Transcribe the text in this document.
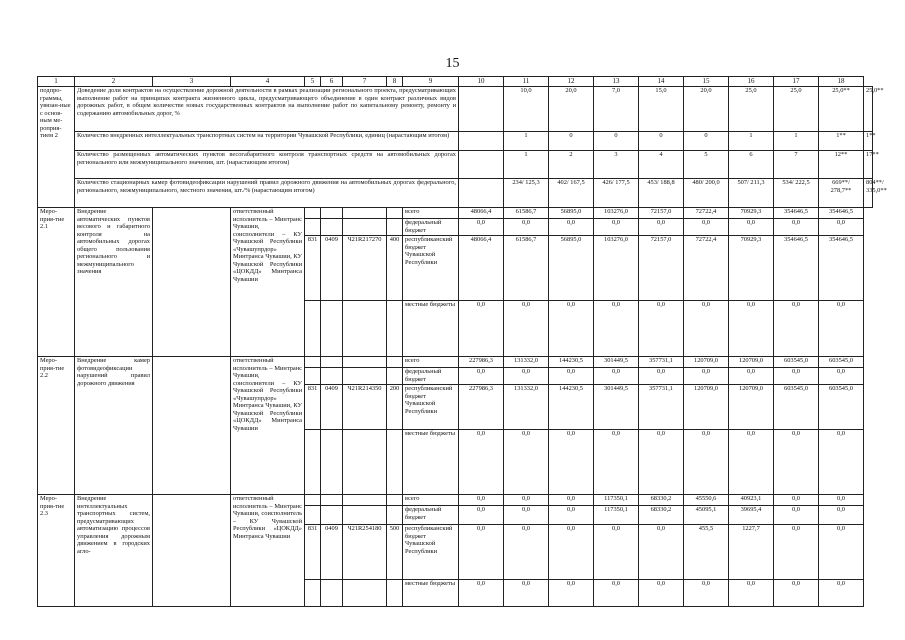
15
1	2	3	4	5	6	7	8	9	10	11	12	13	14	15	16	17	18	
подпро-граммы, увязан-ные с основ-ным ме-роприя-тием 2	Доведение доли контрактов на осуществление дорожной деятельности в рамках реализации регионального проекта, предусматривающих выполнение работ на принципах контракта жизненного цикла, предусматривающего объединение в один контракт различных видов дорожных работ, в общем количестве новых государственных контрактов на выполнение работ по капитальному ремонту, ремонту и содержанию автомобильных дорог, %									10,0	20,0	7,0	15,0	20,0	25,0	25,0	25,0**	25,0**
	Количество внедренных интеллектуальных транспортных систем на территории Чувашской Республики, единиц (нарастающим итогом)									1	0	0	0	0	1	1	1**	1**
	Количество размещенных автоматических пунктов весогабаритного контроля транспортных средств на автомобильных дорогах регионального или межмуниципального значения, шт. (нарастающим итогом)									1	2	3	4	5	6	7	12**	17**
	Количество стационарных камер фотовидеофиксации нарушений правил дорожного движения на автомобильных дорогах федерального, регионального, межмуниципального, местного значения, шт./% (нарастающим итогом)									234/ 125,3	402/ 167,5	426/ 177,5	453/ 188,8	480/ 200,0	507/ 211,3	534/ 222,5	669**/ 278,7**	804**/ 335,0**
Меро-прия-тие 2.1	Внедрение автоматических пунктов весового и габаритного контроля на автомобильных дорогах общего пользования регионального и межмуниципального значения		ответственный исполнитель – Минтранс Чувашии, соисполнители – КУ Чувашской Республики «Чувашупрдор» Минтранса Чувашии, КУ Чувашской Республики «ЦОКДД» Минтранса Чувашии					всего	48066,4	61586,7	56895,0	103276,0	72157,0	72722,4	70929,3	354646,5	354646,5	
								федеральный бюджет	0,0	0,0	0,0	0,0	0,0	0,0	0,0	0,0	0,0	
				831	0409	Ч21R217270	400	республиканский бюджет Чувашской Республики	48066,4	61586,7	56895,0	103276,0	72157,0	72722,4	70929,3	354646,5	354646,5	
								местные бюджеты	0,0	0,0	0,0	0,0	0,0	0,0	0,0	0,0	0,0	
Меро-прия-тие 2.2	Внедрение камер фотовидеофиксации нарушений правил дорожного движения		ответственный исполнитель – Минтранс Чувашии, соисполнители – КУ Чувашской Республики «Чувашупрдор» Минтранса Чувашии, КУ Чувашской Республики «ЦОКДД» Минтранса Чувашии					всего	227986,3	131332,0	144230,5	301449,5	357731,1	120709,0	120709,0	603545,0	603545,0	
								федеральный бюджет	0,0	0,0	0,0	0,0	0,0	0,0	0,0	0,0	0,0	
				831	0409	Ч21R214350	200	республиканский бюджет Чувашской Республики	227986,3	131332,0	144230,5	301449,5	357731,1	120709,0	120709,0	603545,0	603545,0	
								местные бюджеты	0,0	0,0	0,0	0,0	0,0	0,0	0,0	0,0	0,0	
Меро-прия-тие 2.3	Внедрение интеллектуальных транспортных систем, предусматривающих автоматизацию процессов управления дорожным движением в городских агло-		ответственный исполнитель – Минтранс Чувашии, соисполнитель – КУ Чувашской Республики «ЦОКДД» Минтранса Чувашии					всего	0,0	0,0	0,0	117350,1	68330,2	45550,6	40923,1	0,0	0,0	
								федеральный бюджет	0,0	0,0	0,0	117350,1	68330,2	45095,1	39695,4	0,0	0,0	
				831	0409	Ч21R254180	500	республиканский бюджет Чувашской Республики	0,0	0,0	0,0	0,0	0,0	455,5	1227,7	0,0	0,0	
								местные бюджеты	0,0	0,0	0,0	0,0	0,0	0,0	0,0	0,0	0,0	
